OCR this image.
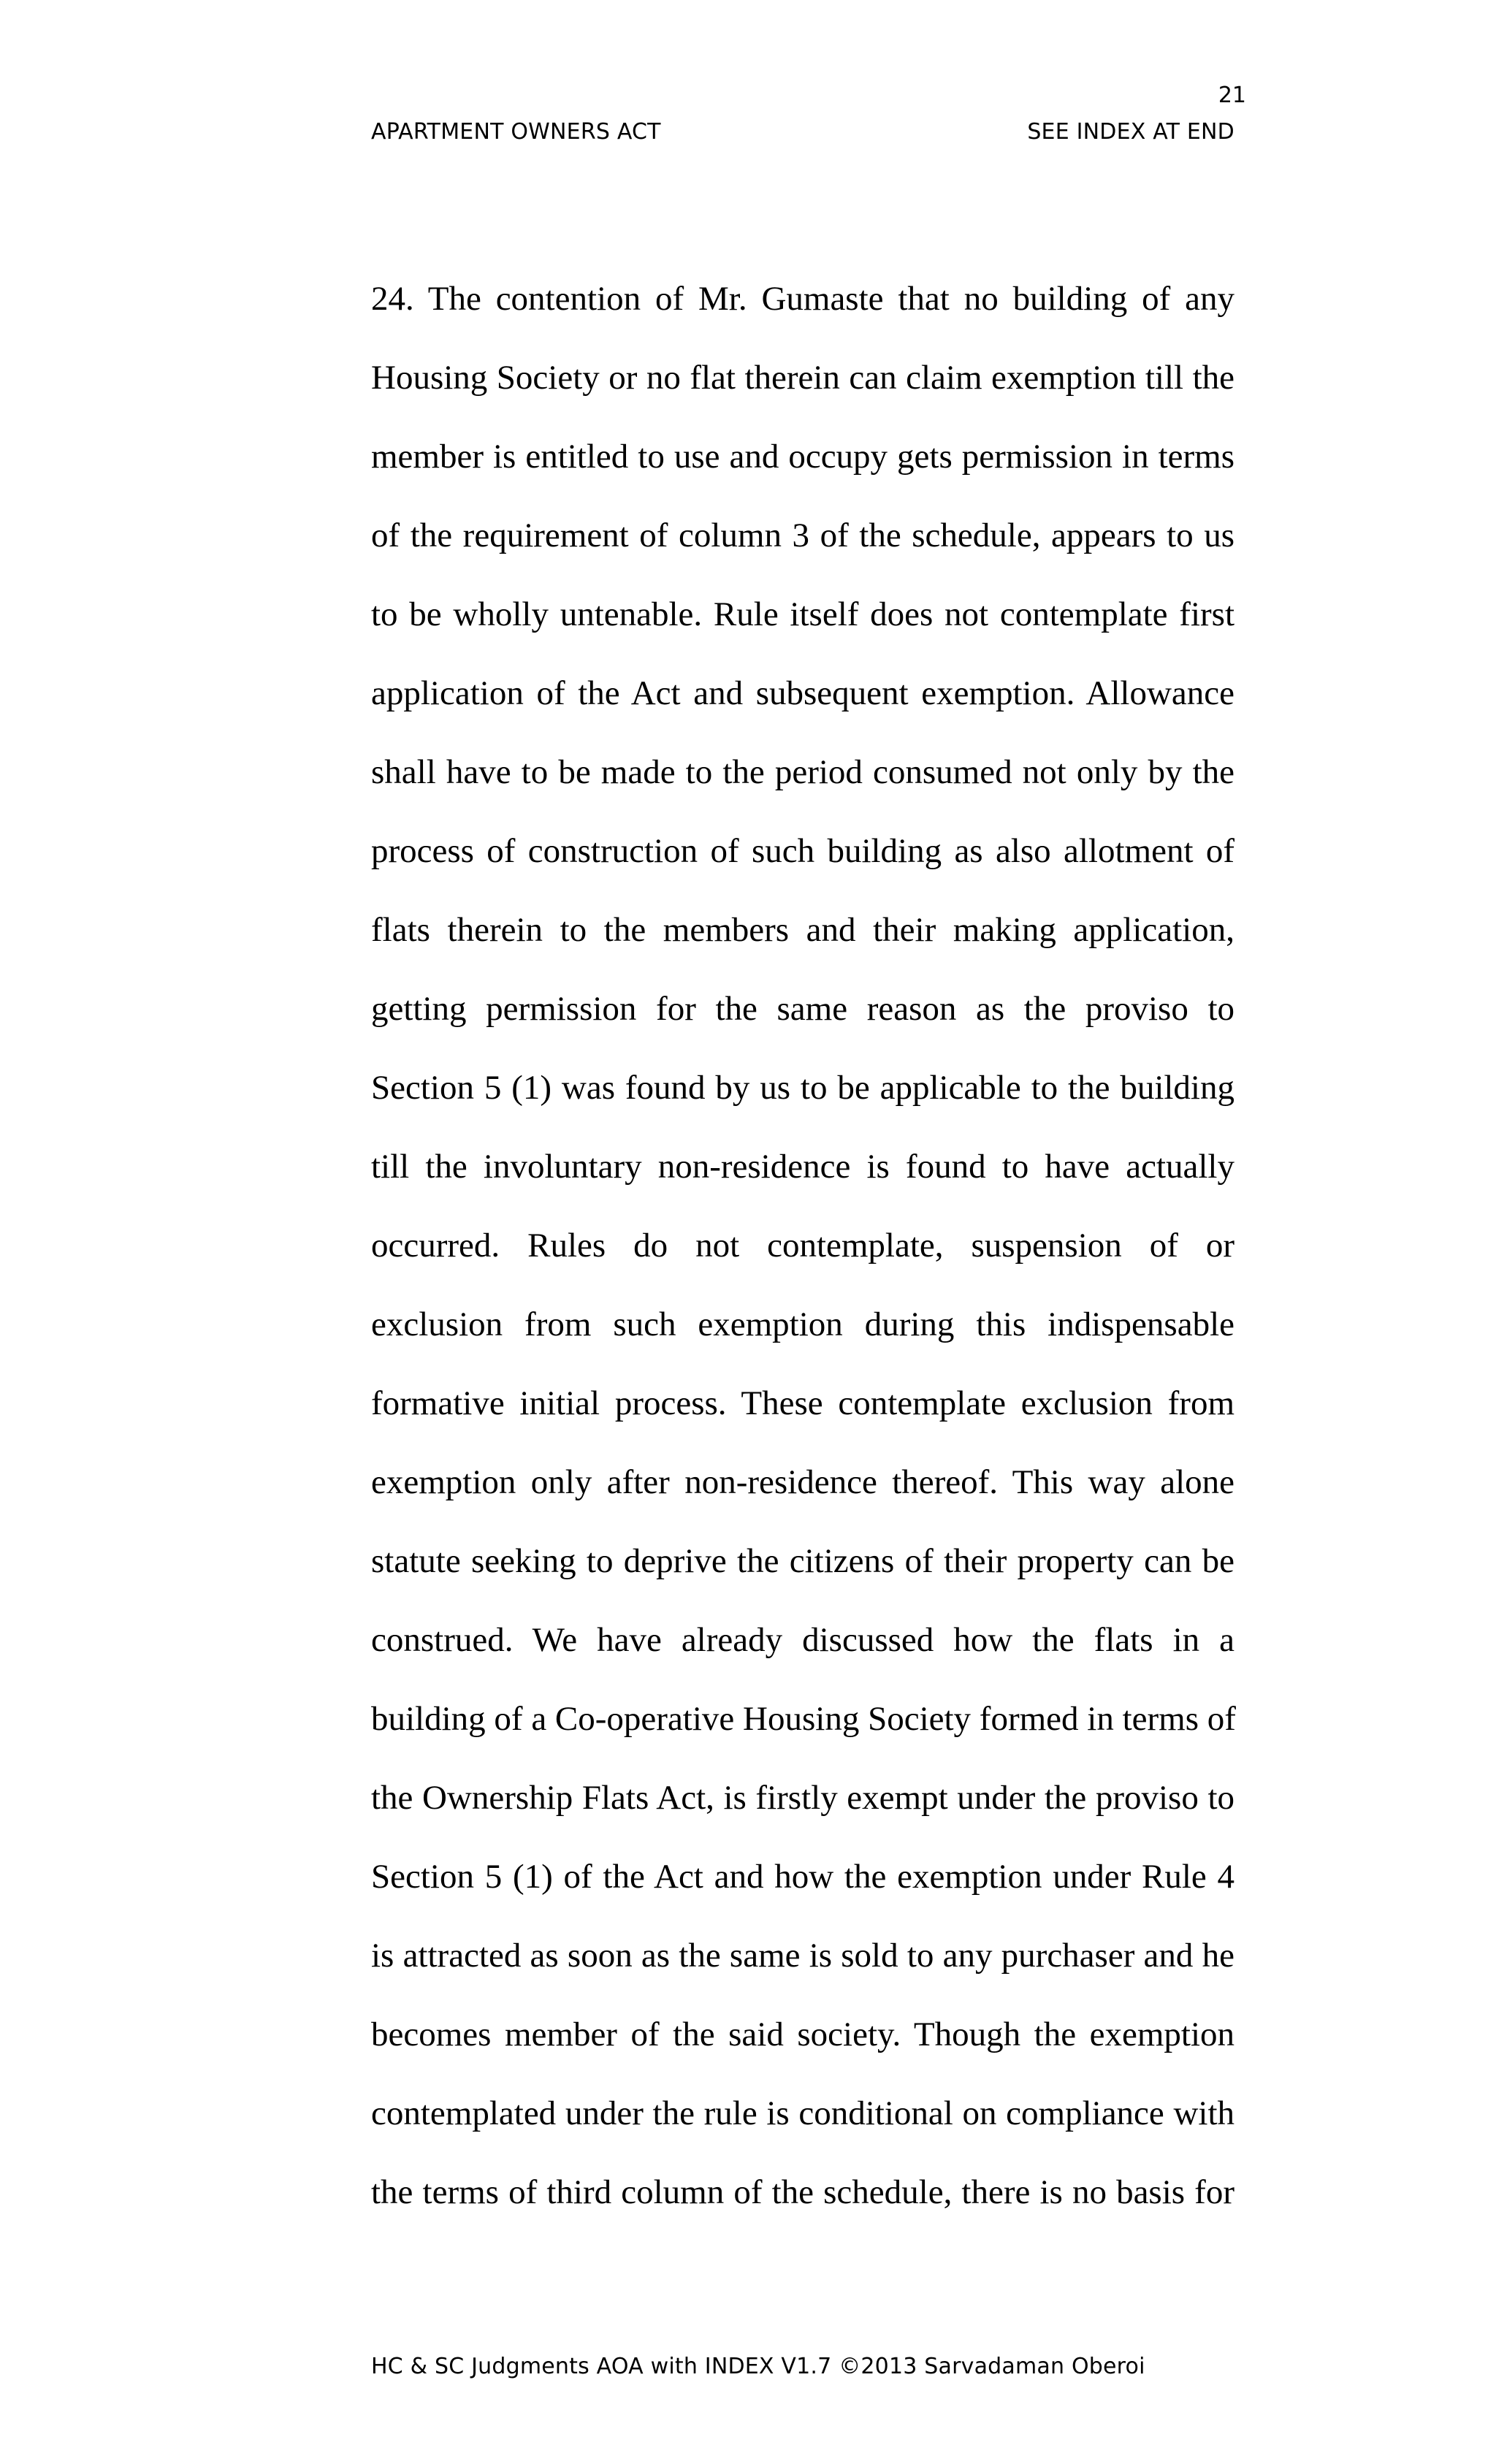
21
APARTMENT OWNERS ACT	SEE INDEX AT END
24. The contention of Mr. Gumaste that no building of any
Housing Society or no flat therein can claim exemption till the
member is entitled to use and occupy gets permission in terms
of the requirement of column 3 of the schedule, appears to us
to be wholly untenable. Rule itself does not contemplate first
application of the Act and subsequent exemption. Allowance
shall have to be made to the period consumed not only by the
process of construction of such building as also allotment of
flats therein to the members and their making application,
getting permission for the same reason as the proviso to
Section 5 (1) was found by us to be applicable to the building
till the involuntary non-residence is found to have actually
occurred. Rules do not contemplate, suspension of or
exclusion from such exemption during this indispensable
formative initial process. These contemplate exclusion from
exemption only after non-residence thereof. This way alone
statute seeking to deprive the citizens of their property can be
construed. We have already discussed how the flats in a
building of a Co-operative Housing Society formed in terms of
the Ownership Flats Act, is firstly exempt under the proviso to
Section 5 (1) of the Act and how the exemption under Rule 4
is attracted as soon as the same is sold to any purchaser and he
becomes member of the said society. Though the exemption
contemplated under the rule is conditional on compliance with
the terms of third column of the schedule, there is no basis for
HC & SC Judgments AOA with INDEX V1.7 ©2013 Sarvadaman Oberoi
